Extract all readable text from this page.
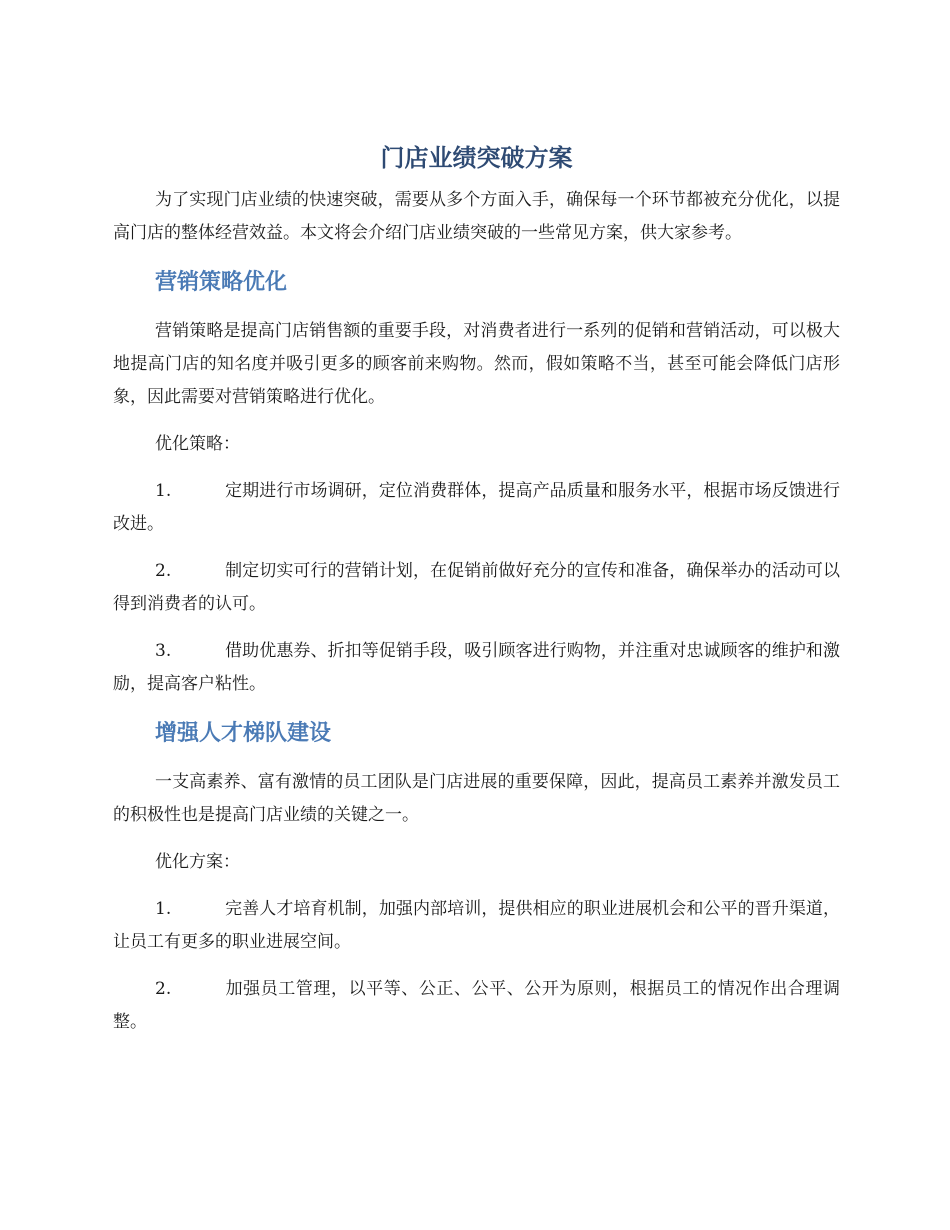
门店业绩突破方案

为了实现门店业绩的快速突破，需要从多个方面入手，确保每一个环节都被充分优化，以提高门店的整体经营效益。本文将会介绍门店业绩突破的一些常见方案，供大家参考。

营销策略优化

营销策略是提高门店销售额的重要手段，对消费者进行一系列的促销和营销活动，可以极大地提高门店的知名度并吸引更多的顾客前来购物。然而，假如策略不当，甚至可能会降低门店形象，因此需要对营销策略进行优化。

优化策略：

1.	定期进行市场调研，定位消费群体，提高产品质量和服务水平，根据市场反馈进行改进。

2.	制定切实可行的营销计划，在促销前做好充分的宣传和准备，确保举办的活动可以得到消费者的认可。

3.	借助优惠券、折扣等促销手段，吸引顾客进行购物，并注重对忠诚顾客的维护和激励，提高客户粘性。

增强人才梯队建设

一支高素养、富有激情的员工团队是门店进展的重要保障，因此，提高员工素养并激发员工的积极性也是提高门店业绩的关键之一。

优化方案：

1.	完善人才培育机制，加强内部培训，提供相应的职业进展机会和公平的晋升渠道，让员工有更多的职业进展空间。

2.	加强员工管理，以平等、公正、公平、公开为原则，根据员工的情况作出合理调整。
